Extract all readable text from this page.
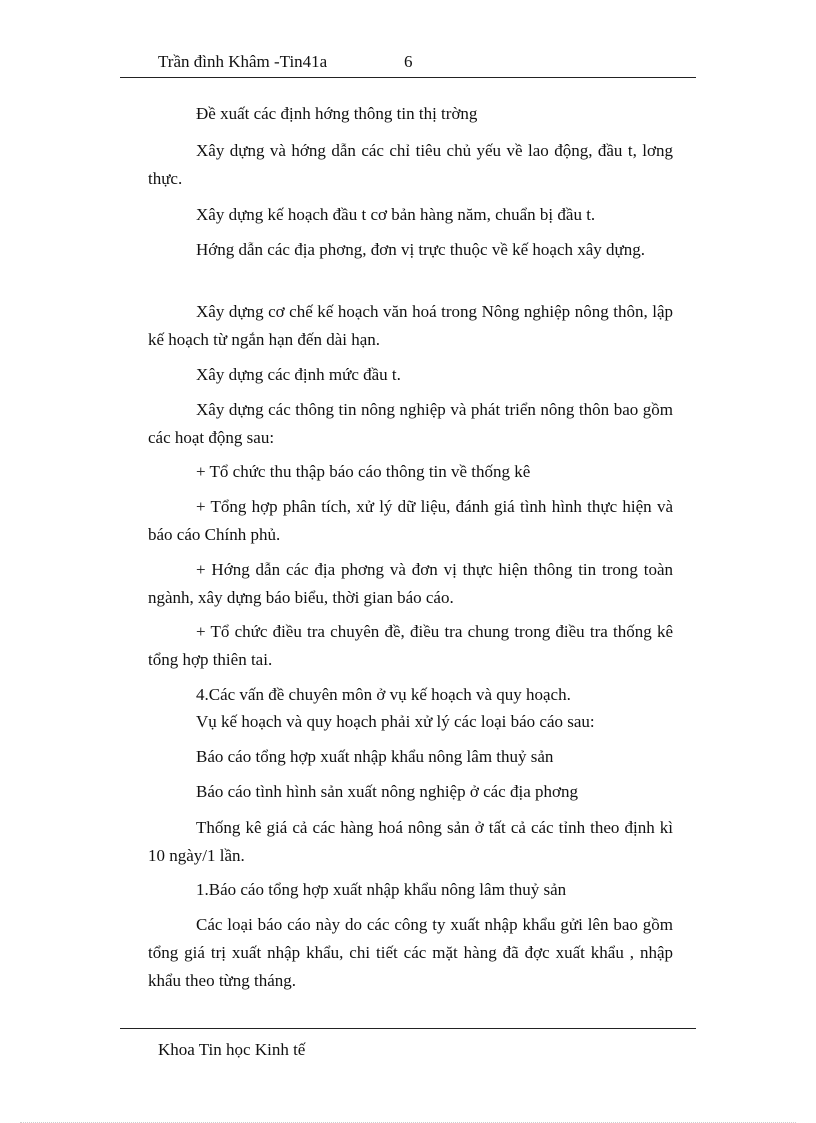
Trần đình Khâm -Tin41a	6

Đề xuất các định hớng thông tin thị trờng

Xây dựng và hớng dẫn các chỉ tiêu chủ yếu về lao động, đầu t, lơng thực.

Xây dựng kế hoạch đầu t cơ bản hàng năm, chuẩn bị đầu t.

Hớng dẫn các địa phơng, đơn vị trực thuộc về kế hoạch xây dựng.

Xây dựng cơ chế kế hoạch văn hoá trong Nông nghiệp nông thôn, lập kế hoạch từ ngắn hạn đến dài hạn.

Xây dựng các định mức đầu t.

Xây dựng các thông tin nông nghiệp và phát triển nông thôn bao gồm các hoạt động sau:

+ Tổ chức thu thập báo cáo thông tin về thống kê

+ Tổng hợp phân tích, xử lý dữ liệu, đánh giá tình hình thực hiện và báo cáo Chính phủ.

+ Hớng dẫn các địa phơng và đơn vị thực hiện thông tin trong toàn ngành, xây dựng báo biểu, thời gian báo cáo.

+ Tổ chức điều tra chuyên đề, điều tra chung trong điều tra thống kê tổng hợp thiên tai.

4.Các vấn đề chuyên môn ở vụ kế hoạch và quy hoạch.

Vụ kế hoạch và quy hoạch phải xử lý các loại báo cáo sau:

Báo cáo tổng hợp xuất nhập khẩu nông lâm thuỷ sản

Báo cáo tình hình sản xuất nông nghiệp ở các địa phơng

Thống kê giá cả các hàng hoá nông sản ở tất cả các tỉnh theo định kì 10 ngày/1 lần.

1.Báo cáo tổng hợp xuất nhập khẩu nông lâm thuỷ sản

Các loại báo cáo này do các công ty xuất nhập khẩu gửi lên bao gồm tổng giá trị xuất nhập khẩu, chi tiết các mặt hàng đã đợc xuất khẩu , nhập khẩu theo từng tháng.

Khoa Tin học Kinh tế
